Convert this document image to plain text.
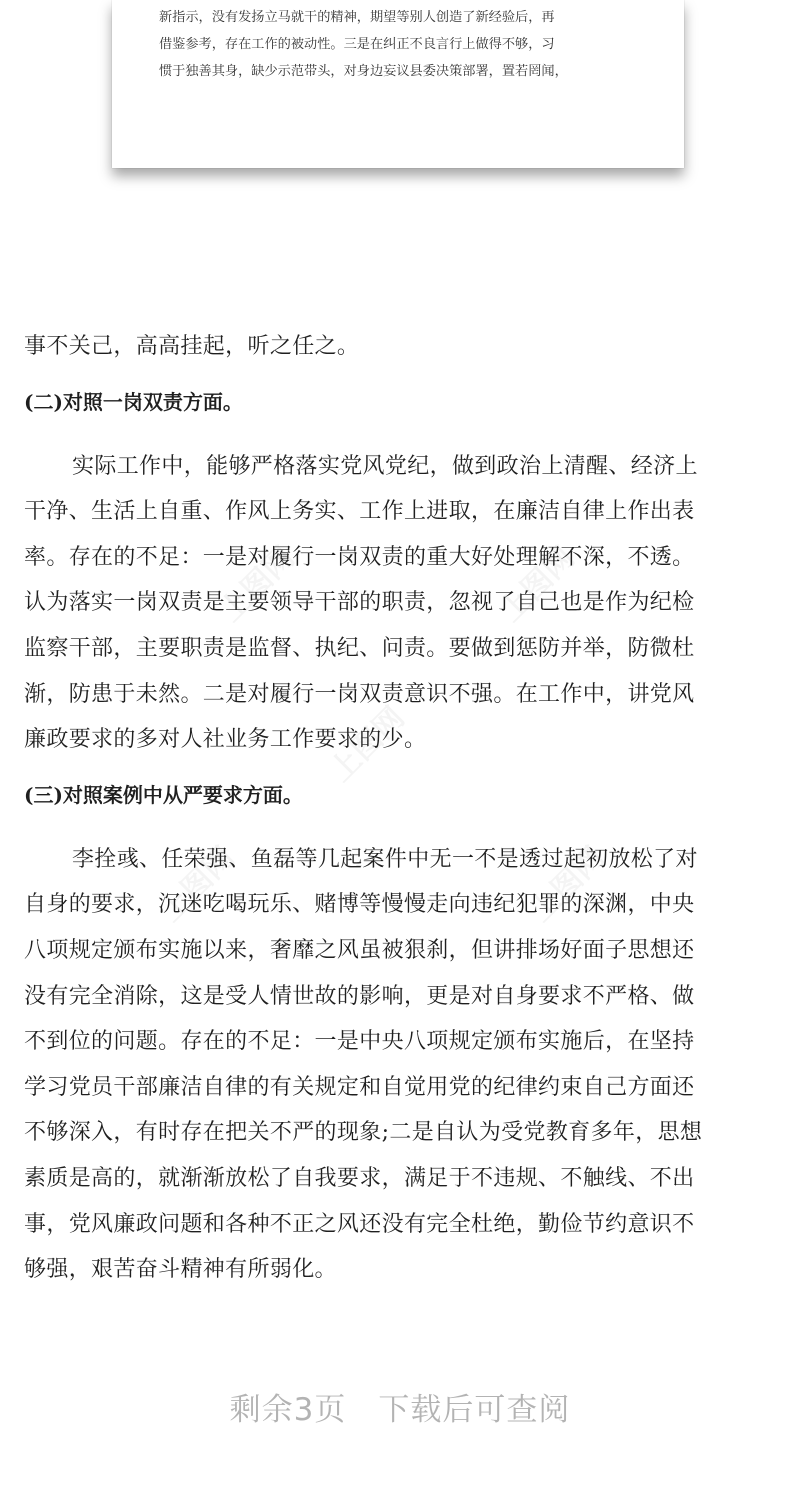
新指示，没有发扬立马就干的精神，期望等别人创造了新经验后，再

借鉴参考，存在工作的被动性。三是在纠正不良言行上做得不够，习

惯于独善其身，缺少示范带头，对身边妄议县委决策部署，置若罔闻，

事不关己，高高挂起，听之任之。

(二)对照一岗双责方面。

实际工作中，能够严格落实党风党纪，做到政治上清醒、经济上

干净、生活上自重、作风上务实、工作上进取，在廉洁自律上作出表

率。存在的不足：一是对履行一岗双责的重大好处理解不深，不透。

认为落实一岗双责是主要领导干部的职责，忽视了自己也是作为纪检

监察干部，主要职责是监督、执纪、问责。要做到惩防并举，防微杜

渐，防患于未然。二是对履行一岗双责意识不强。在工作中，讲党风

廉政要求的多对人社业务工作要求的少。

(三)对照案例中从严要求方面。

李拴彧、任荣强、鱼磊等几起案件中无一不是透过起初放松了对

自身的要求，沉迷吃喝玩乐、赌博等慢慢走向违纪犯罪的深渊，中央

八项规定颁布实施以来，奢靡之风虽被狠刹，但讲排场好面子思想还

没有完全消除，这是受人情世故的影响，更是对自身要求不严格、做

不到位的问题。存在的不足：一是中央八项规定颁布实施后，在坚持

学习党员干部廉洁自律的有关规定和自觉用党的纪律约束自己方面还

不够深入，有时存在把关不严的现象;二是自认为受党教育多年，思想

素质是高的，就渐渐放松了自我要求，满足于不违规、不触线、不出

事，党风廉政问题和各种不正之风还没有完全杜绝，勤俭节约意识不

够强，艰苦奋斗精神有所弱化。

剩余3页　下载后可查阅
